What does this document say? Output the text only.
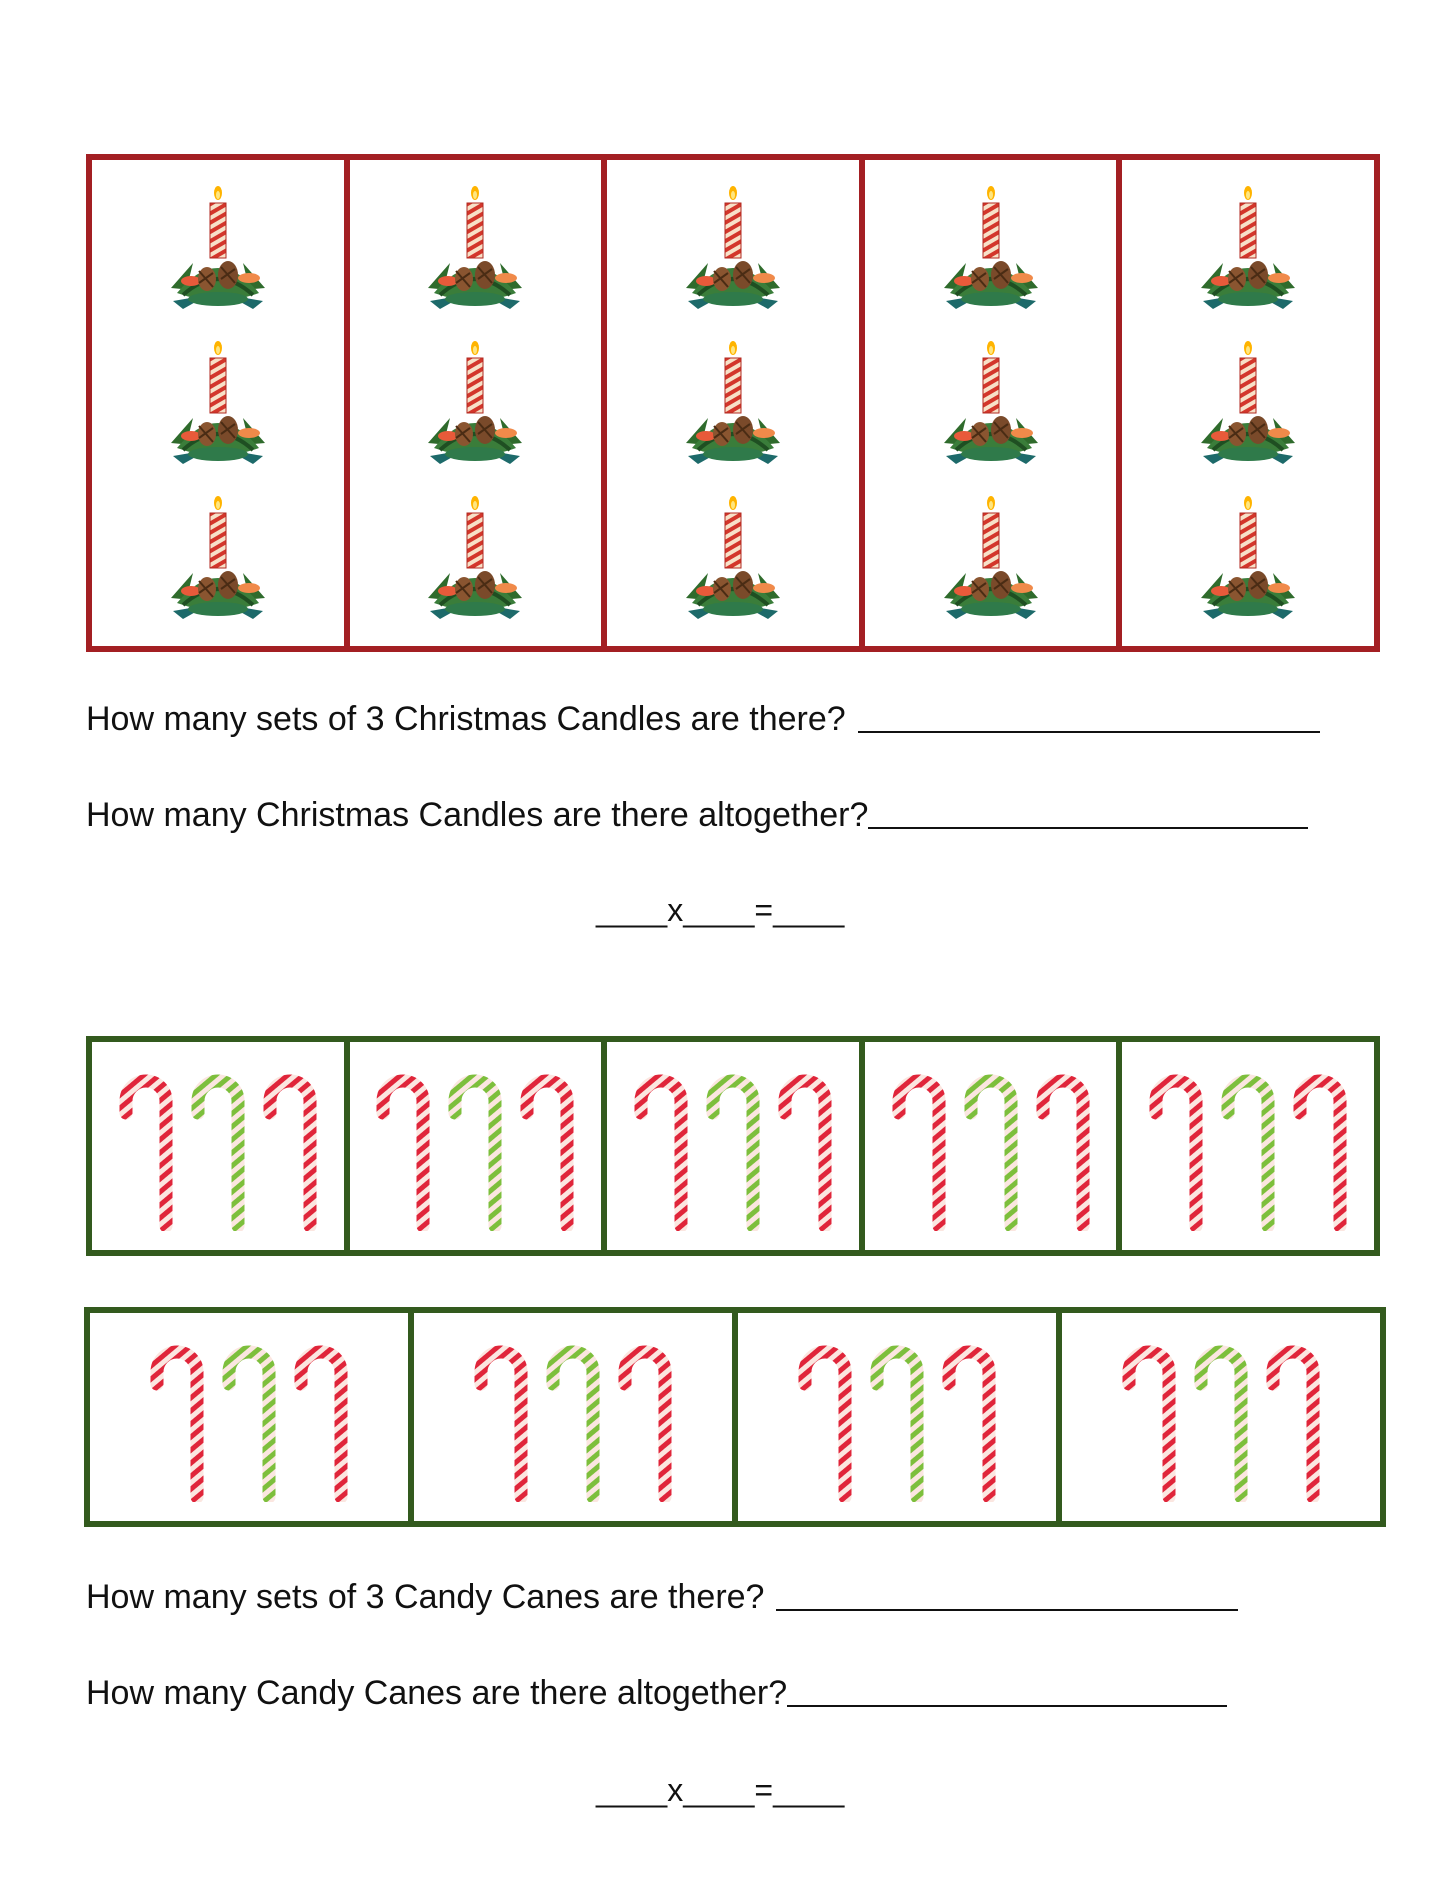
How many sets of 3 Christmas Candles are there?
How many Christmas Candles are there altogether?
____x____=____
How many sets of 3 Candy Canes are there?
How many Candy Canes are there altogether?
____x____=____
